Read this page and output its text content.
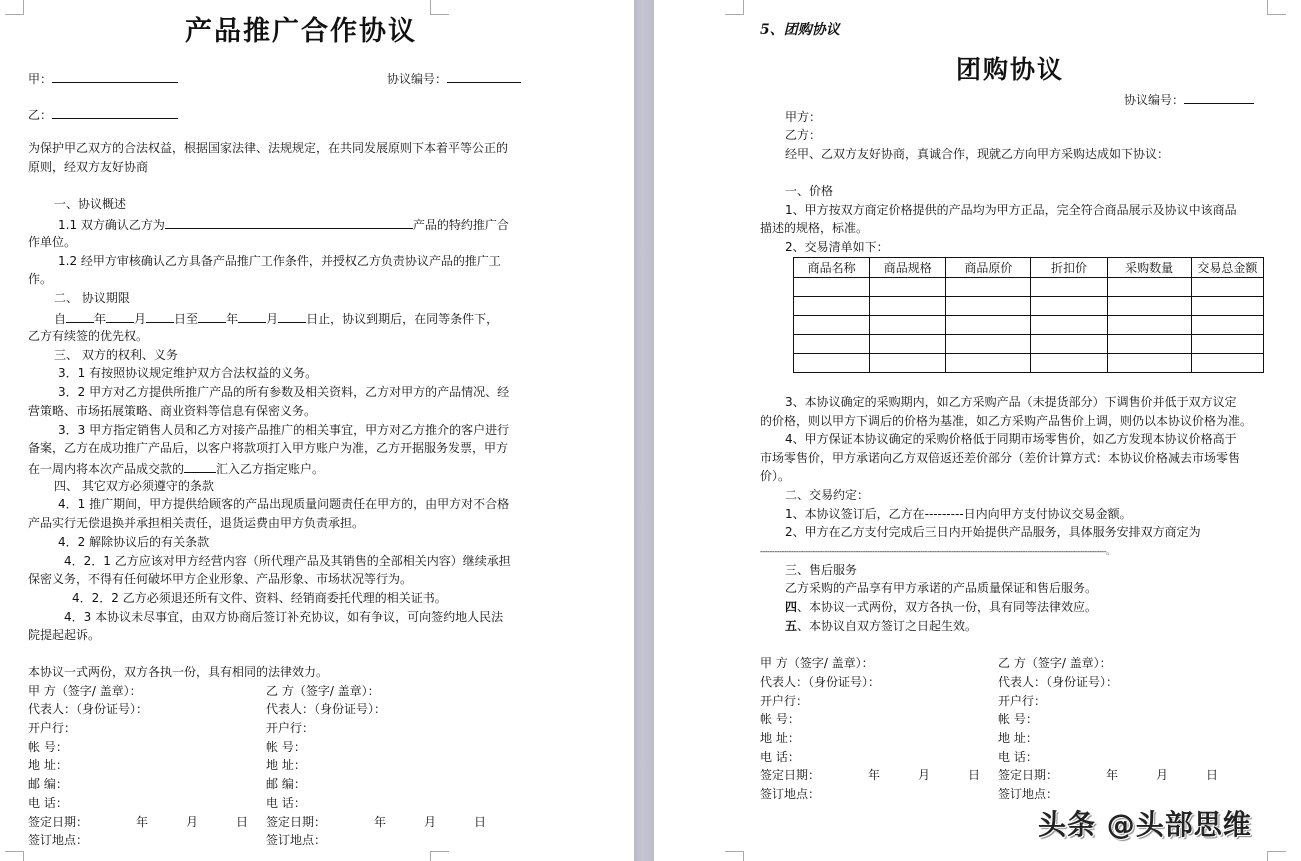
产品推广合作协议
甲：	协议编号：
乙：
为保护甲乙双方的合法权益，根据国家法律、法规规定，在共同发展原则下本着平等公正的
原则，经双方友好协商
一、协议概述
1.1 双方确认乙方为	产品的特约推广合
作单位。
1.2 经甲方审核确认乙方具备产品推广工作条件，并授权乙方负责协议产品的推广工
作。
二、 协议期限
自 年 月 日至 年 月 日止，协议到期后，在同等条件下，
乙方有续签的优先权。
三、 双方的权利、义务
3．1 有按照协议规定维护双方合法权益的义务。
3．2 甲方对乙方提供所推广产品的所有参数及相关资料，乙方对甲方的产品情况、经
营策略、市场拓展策略、商业资料等信息有保密义务。
3．3 甲方指定销售人员和乙方对接产品推广的相关事宜，甲方对乙方推介的客户进行
备案，乙方在成功推广产品后，以客户将款项打入甲方账户为准，乙方开据服务发票，甲方
在一周内将本次产品成交款的	汇入乙方指定账户。
四、 其它双方必须遵守的条款
4．1 推广期间，甲方提供给顾客的产品出现质量问题责任在甲方的，由甲方对不合格
产品实行无偿退换并承担相关责任，退货运费由甲方负责承担。
4．2 解除协议后的有关条款
4．2．1 乙方应该对甲方经营内容（所代理产品及其销售的全部相关内容）继续承担
保密义务，不得有任何破坏甲方企业形象、产品形象、市场状况等行为。
4．2．2 乙方必须退还所有文件、资料、经销商委托代理的相关证书。
4．3 本协议未尽事宜，由双方协商后签订补充协议，如有争议，可向签约地人民法
院提起起诉。
本协议一式两份，双方各执一份，具有相同的法律效力。
甲 方（签字/ 盖章）：
代表人：（身份证号）：
开户行：
帐 号：
地 址：
邮 编：
电 话：
签定日期：	年	月	日
签订地点：
乙 方（签字/ 盖章）：
代表人：（身份证号）：
开户行：
帐 号：
地 址：
邮 编：
电 话：
签定日期：	年	月	日
签订地点：
5、团购协议
团购协议
协议编号：
甲方：
乙方：
经甲、乙双方友好协商，真诚合作，现就乙方向甲方采购达成如下协议：
一、价格
1、甲方按双方商定价格提供的产品均为甲方正品，完全符合商品展示及协议中该商品
描述的规格，标准。
2、交易清单如下：
商品名称	商品规格	商品原价	折扣价	采购数量	交易总金额

3、本协议确定的采购期内，如乙方采购产品（未提货部分）下调售价并低于双方议定
的价格，则以甲方下调后的价格为基准，如乙方采购产品售价上调，则仍以本协议价格为准。
4、甲方保证本协议确定的采购价格低于同期市场零售价，如乙方发现本协议价格高于
市场零售价，甲方承诺向乙方双倍返还差价部分（差价计算方式：本协议价格减去市场零售
价）。
二、交易约定：
1、本协议签订后，乙方在---------日内向甲方支付协议交易金额。
2、甲方在乙方支付完成后三日内开始提供产品服务，具体服务安排双方商定为
-------------------------------------------------------------------------------------------------------------------------------------------------。
三、售后服务
乙方采购的产品享有甲方承诺的产品质量保证和售后服务。
四、本协议一式两份，双方各执一份，具有同等法律效应。
五、本协议自双方签订之日起生效。
甲 方（签字/ 盖章）：
代表人：（身份证号）：
开户行：
帐 号：
地 址：
电 话：
签定日期：	年	月	日
签订地点：
乙 方（签字/ 盖章）：
代表人：（身份证号）：
开户行：
帐 号：
地 址：
电 话：
签定日期：	年	月	日
签订地点：
头条 @头部思维
